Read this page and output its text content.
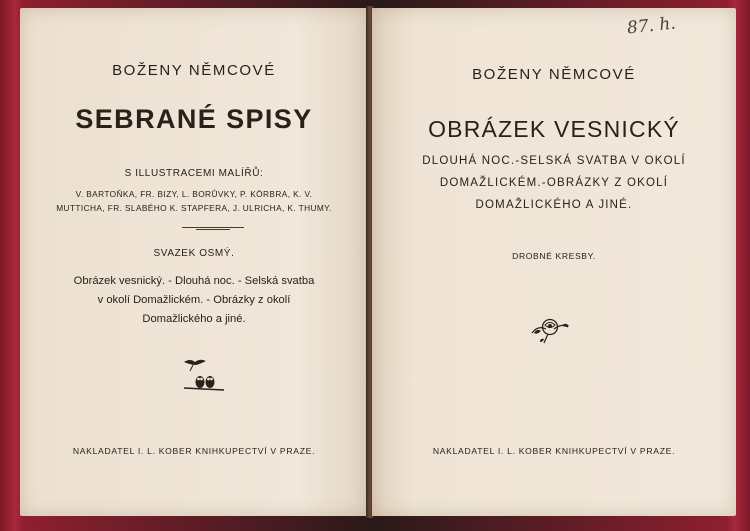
BOŽENY NĚMCOVÉ
SEBRANÉ SPISY
S ILLUSTRACEMI MALÍŘŮ:
V. BARTOŇKA, FR. BIZY, L. BORŮVKY, P. KÖRBRA, K. V.
MUTTICHA, FR. SLABÉHO K. STAPFERA, J. ULRICHA, K. THUMY.
SVAZEK OSMÝ.
Obrázek vesnický. - Dlouhá noc. - Selská svatba
v okolí Domažlickém. - Obrázky z okolí
Domažlického a jiné.
NAKLADATEL I. L. KOBER KNIHKUPECTVÍ V PRAZE.
87. h.
BOŽENY NĚMCOVÉ
OBRÁZEK VESNICKÝ
DLOUHÁ NOC.-SELSKÁ SVATBA V OKOLÍ
DOMAŽLICKÉM.-OBRÁZKY Z OKOLÍ
DOMAŽLICKÉHO A JINÉ.
DROBNÉ KRESBY.
NAKLADATEL I. L. KOBER KNIHKUPECTVÍ V PRAZE.
